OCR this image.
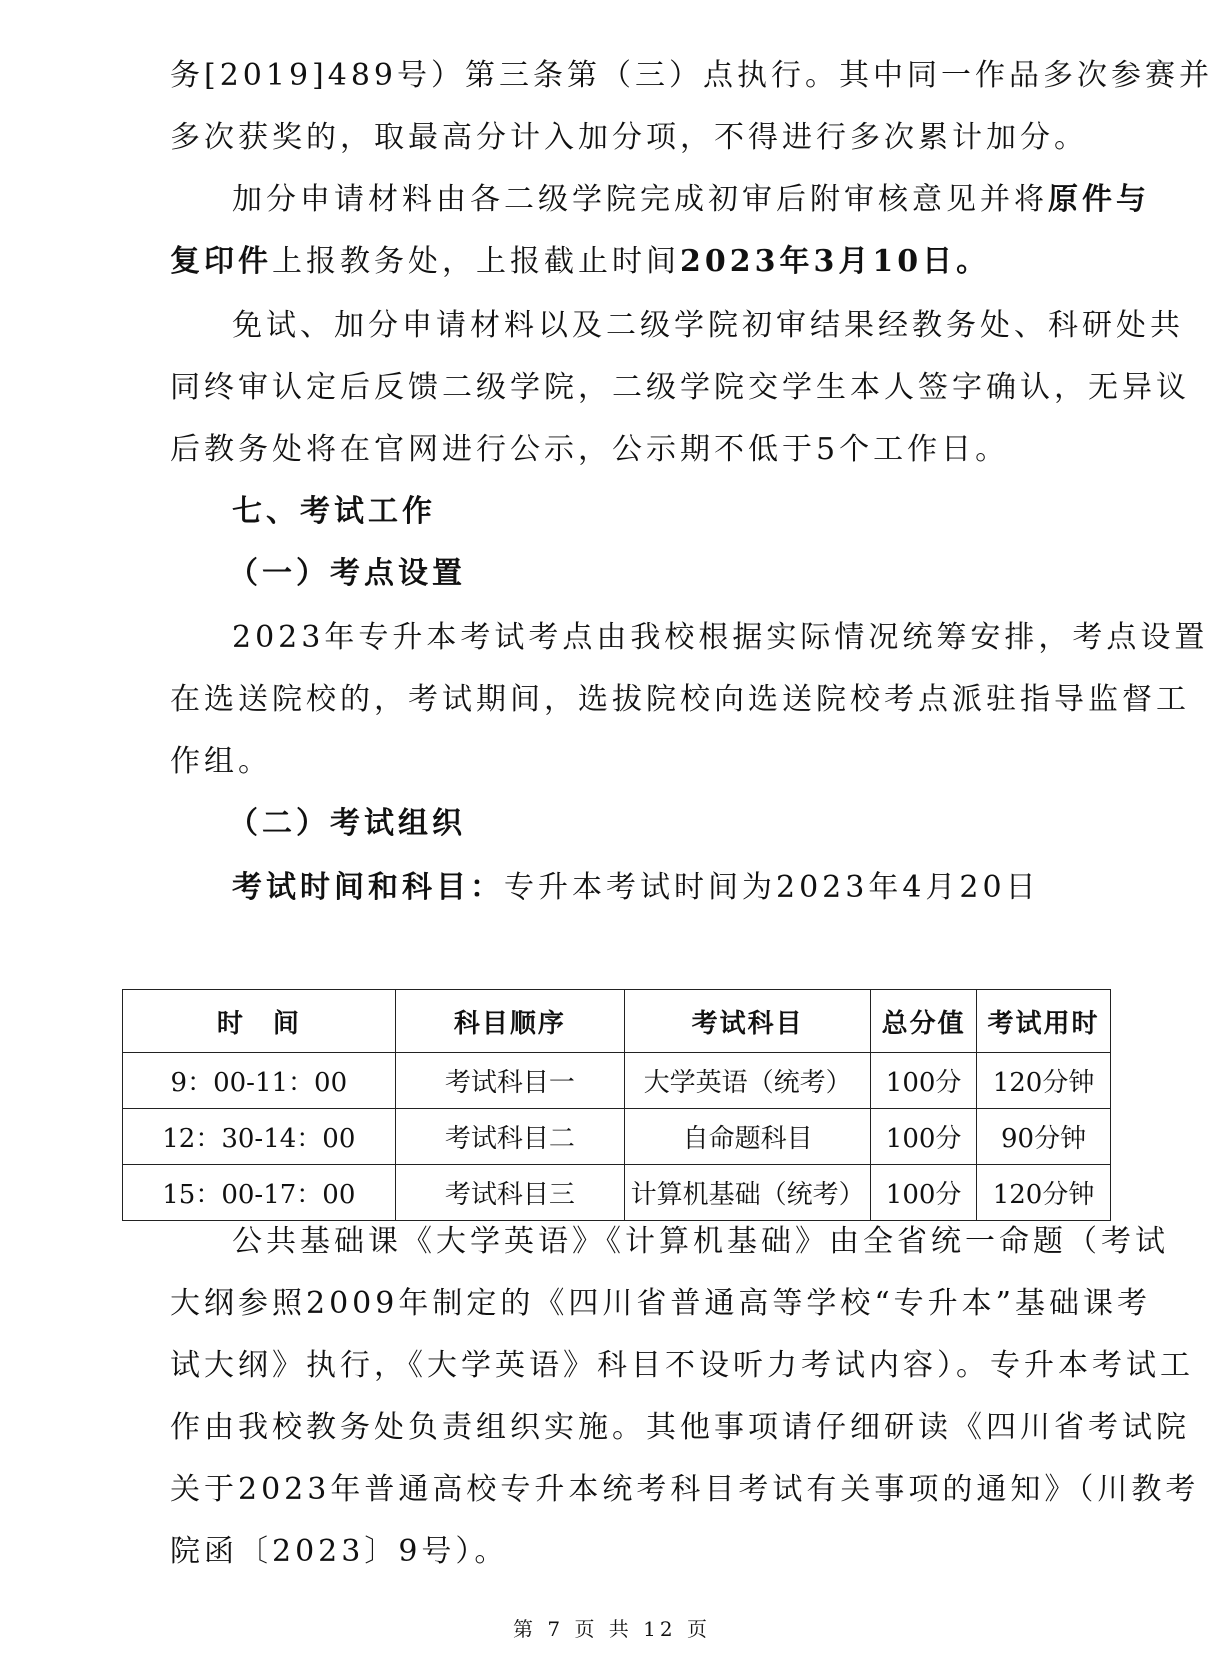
务[2019]489号）第三条第（三）点执行。其中同一作品多次参赛并
多次获奖的，取最高分计入加分项，不得进行多次累计加分。
加分申请材料由各二级学院完成初审后附审核意见并将原件与
复印件上报教务处，上报截止时间2023年3月10日。
免试、加分申请材料以及二级学院初审结果经教务处、科研处共
同终审认定后反馈二级学院，二级学院交学生本人签字确认，无异议
后教务处将在官网进行公示，公示期不低于5个工作日。
七、考试工作
（一）考点设置
2023年专升本考试考点由我校根据实际情况统筹安排，考点设置
在选送院校的，考试期间，选拔院校向选送院校考点派驻指导监督工
作组。
（二）考试组织
考试时间和科目：专升本考试时间为2023年4月20日
时　间	科目顺序	考试科目	总分值	考试用时
9：00-11：00	考试科目一	大学英语（统考）	100分	120分钟
12：30-14：00	考试科目二	自命题科目	100分	90分钟
15：00-17：00	考试科目三	计算机基础（统考）	100分	120分钟
公共基础课《大学英语》《计算机基础》由全省统一命题（考试
大纲参照2009年制定的《四川省普通高等学校“专升本”基础课考
试大纲》执行，《大学英语》科目不设听力考试内容）。专升本考试工
作由我校教务处负责组织实施。其他事项请仔细研读《四川省考试院
关于2023年普通高校专升本统考科目考试有关事项的通知》（川教考
院函〔2023〕9号）。
第 7 页 共 12 页
